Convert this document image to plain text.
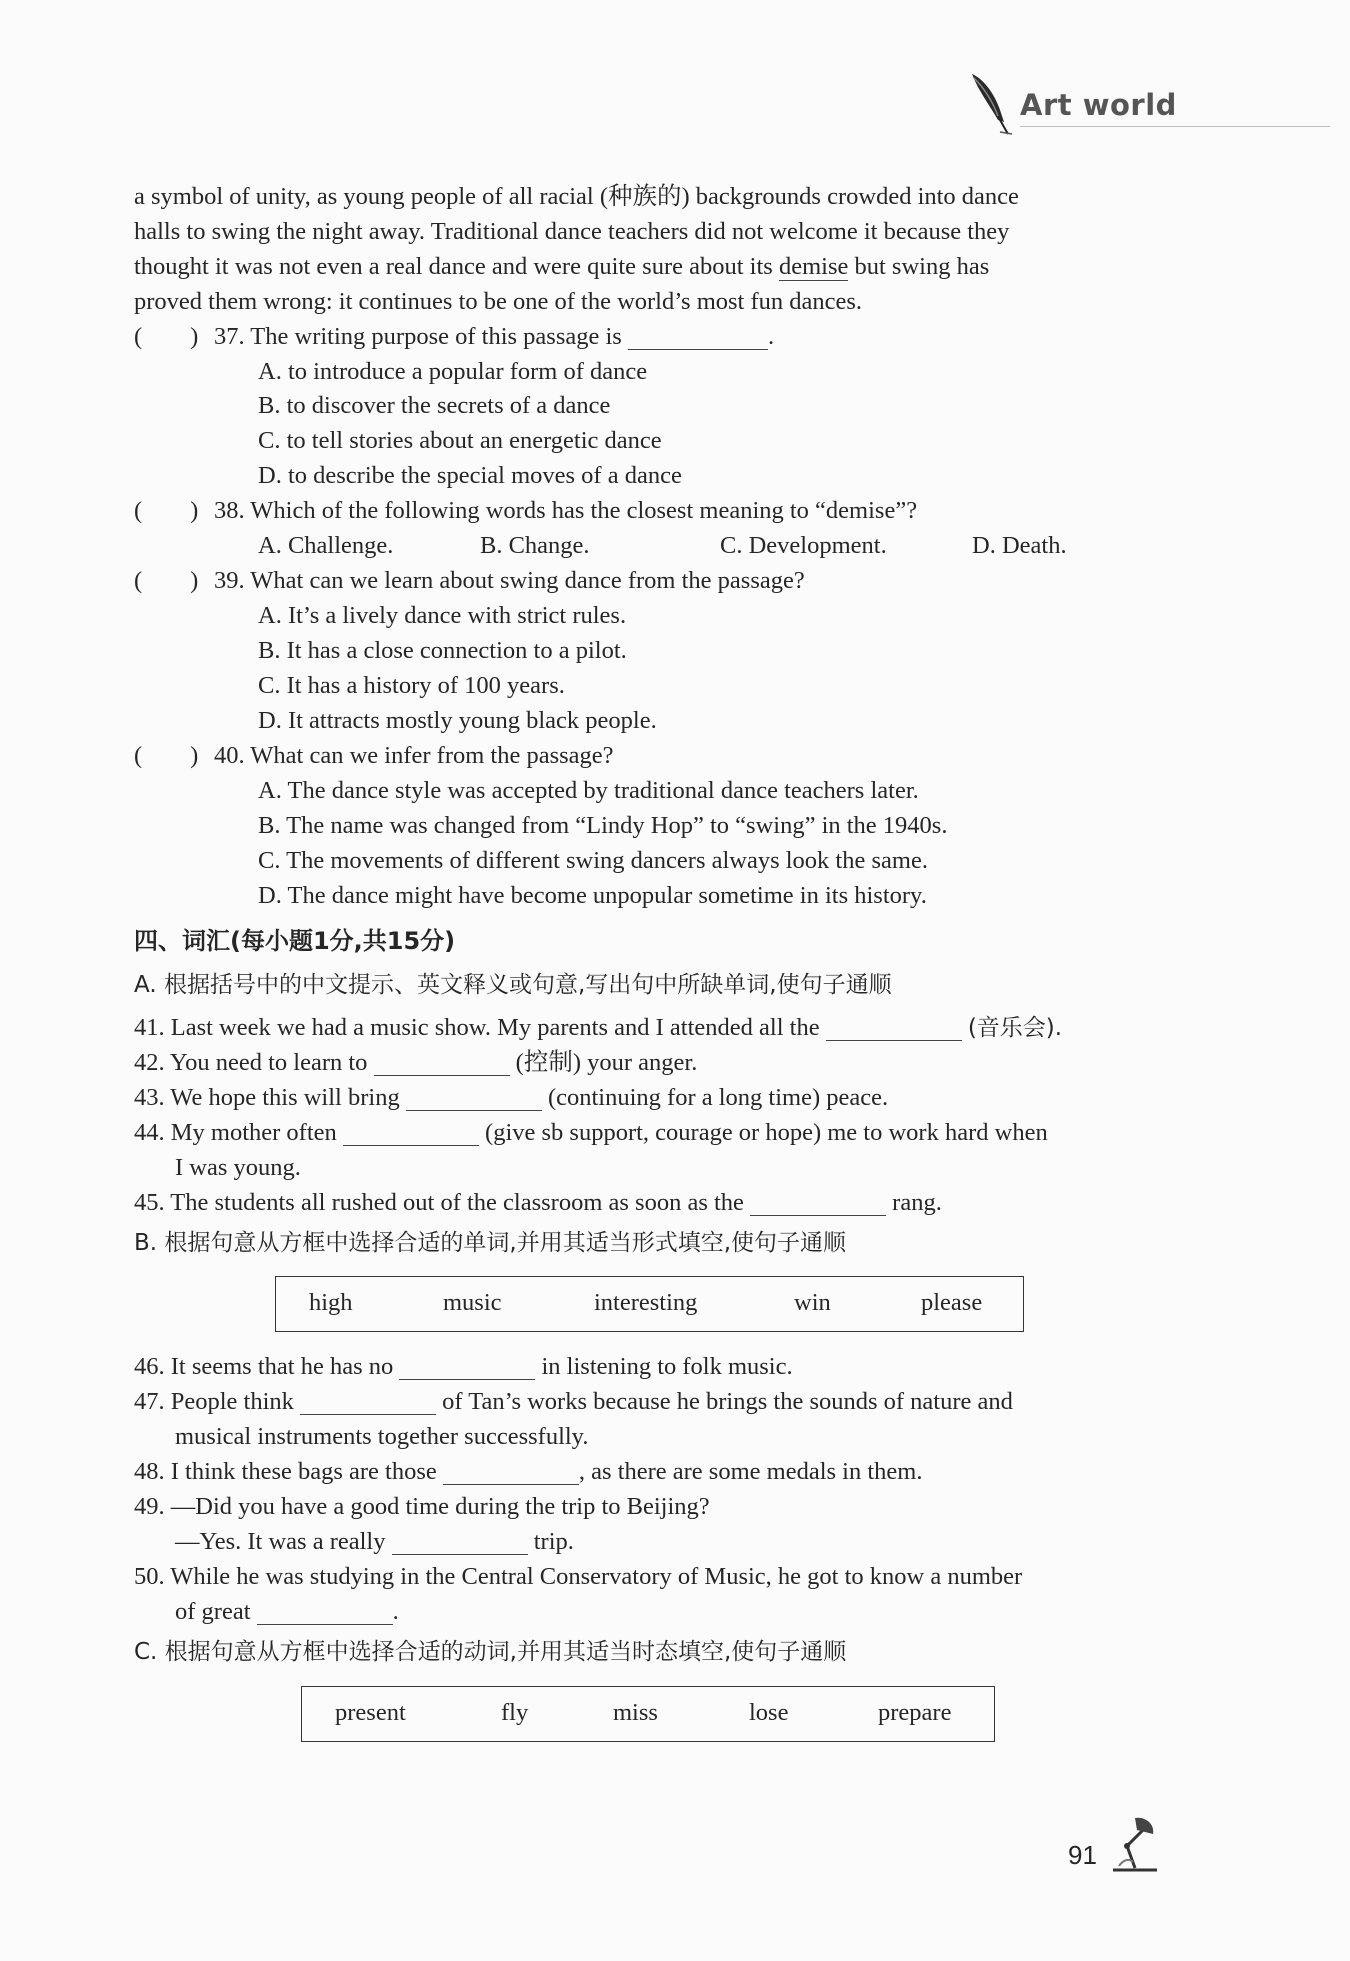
Art world
a symbol of unity, as young people of all racial (种族的) backgrounds crowded into dance
halls to swing the night away. Traditional dance teachers did not welcome it because they
thought it was not even a real dance and were quite sure about its demise but swing has
proved them wrong: it continues to be one of the world’s most fun dances.
( ) 37. The writing purpose of this passage is	.
A. to introduce a popular form of dance
B. to discover the secrets of a dance
C. to tell stories about an energetic dance
D. to describe the special moves of a dance
( ) 38. Which of the following words has the closest meaning to “demise”?
A. Challenge.	B. Change.	C. Development.	D. Death.
( ) 39. What can we learn about swing dance from the passage?
A. It’s a lively dance with strict rules.
B. It has a close connection to a pilot.
C. It has a history of 100 years.
D. It attracts mostly young black people.
( ) 40. What can we infer from the passage?
A. The dance style was accepted by traditional dance teachers later.
B. The name was changed from “Lindy Hop” to “swing” in the 1940s.
C. The movements of different swing dancers always look the same.
D. The dance might have become unpopular sometime in its history.
四、词汇(每小题1分,共15分)
A. 根据括号中的中文提示、英文释义或句意,写出句中所缺单词,使句子通顺
41. Last week we had a music show. My parents and I attended all the	(音乐会).
42. You need to learn to	(控制) your anger.
43. We hope this will bring	(continuing for a long time) peace.
44. My mother often	(give sb support, courage or hope) me to work hard when
I was young.
45. The students all rushed out of the classroom as soon as the	rang.
B. 根据句意从方框中选择合适的单词,并用其适当形式填空,使句子通顺
high	music	interesting	win	please
46. It seems that he has no	in listening to folk music.
47. People think	of Tan’s works because he brings the sounds of nature and
musical instruments together successfully.
48. I think these bags are those	, as there are some medals in them.
49. —Did you have a good time during the trip to Beijing?
—Yes. It was a really	trip.
50. While he was studying in the Central Conservatory of Music, he got to know a number
of great	.
C. 根据句意从方框中选择合适的动词,并用其适当时态填空,使句子通顺
present	fly	miss	lose	prepare
91
